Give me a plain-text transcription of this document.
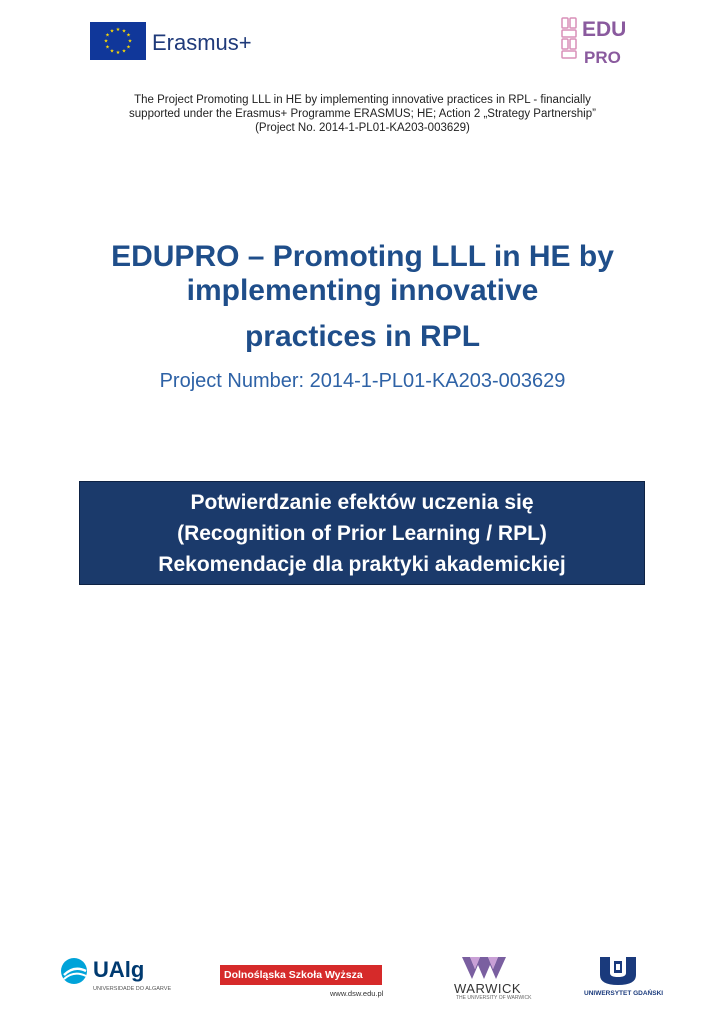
★ ★
★
★
★
★
★
★
★
★
★
★ Erasmus+
EDU
PRO
The Project Promoting LLL in HE by implementing innovative practices in RPL - financially
supported under the Erasmus+ Programme ERASMUS; HE; Action 2 „Strategy Partnership”
(Project No. 2014-1-PL01-KA203-003629)
EDUPRO – Promoting LLL in HE by
implementing innovative
practices in RPL
Project Number: 2014-1-PL01-KA203-003629
Potwierdzanie efektów uczenia się
(Recognition of Prior Learning / RPL)
Rekomendacje dla praktyki akademickiej
UAlg
UNIVERSIDADE DO ALGARVE
Dolnośląska Szkoła Wyższa
www.dsw.edu.pl	WARWICK
THE UNIVERSITY OF WARWICK
UNIWERSYTET GDAŃSKI
